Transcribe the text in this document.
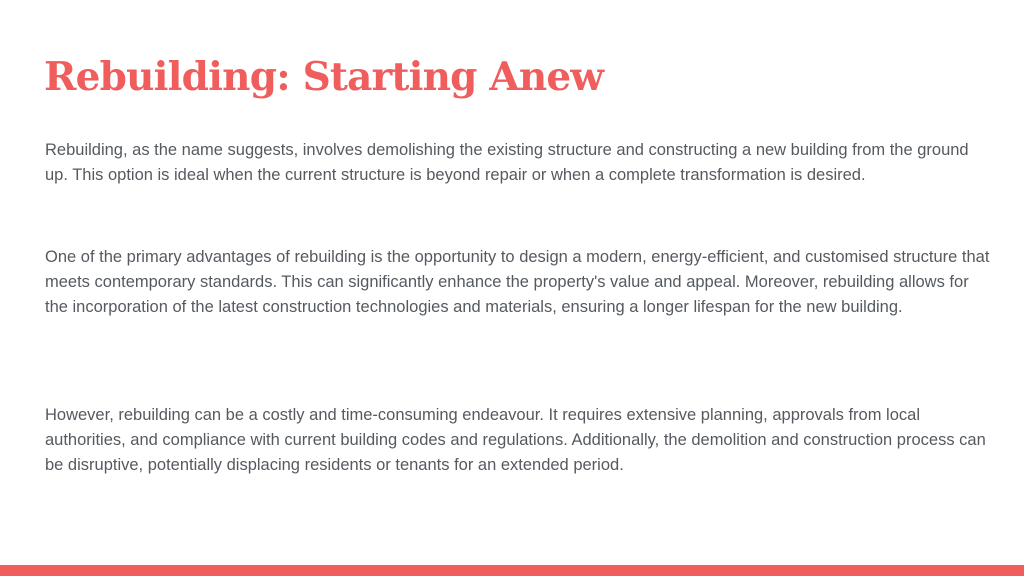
Rebuilding: Starting Anew

Rebuilding, as the name suggests, involves demolishing the existing structure and constructing a new building from the ground up. This option is ideal when the current structure is beyond repair or when a complete transformation is desired.

One of the primary advantages of rebuilding is the opportunity to design a modern, energy-efficient, and customised structure that meets contemporary standards. This can significantly enhance the property's value and appeal. Moreover, rebuilding allows for the incorporation of the latest construction technologies and materials, ensuring a longer lifespan for the new building.

However, rebuilding can be a costly and time-consuming endeavour. It requires extensive planning, approvals from local authorities, and compliance with current building codes and regulations. Additionally, the demolition and construction process can be disruptive, potentially displacing residents or tenants for an extended period.
